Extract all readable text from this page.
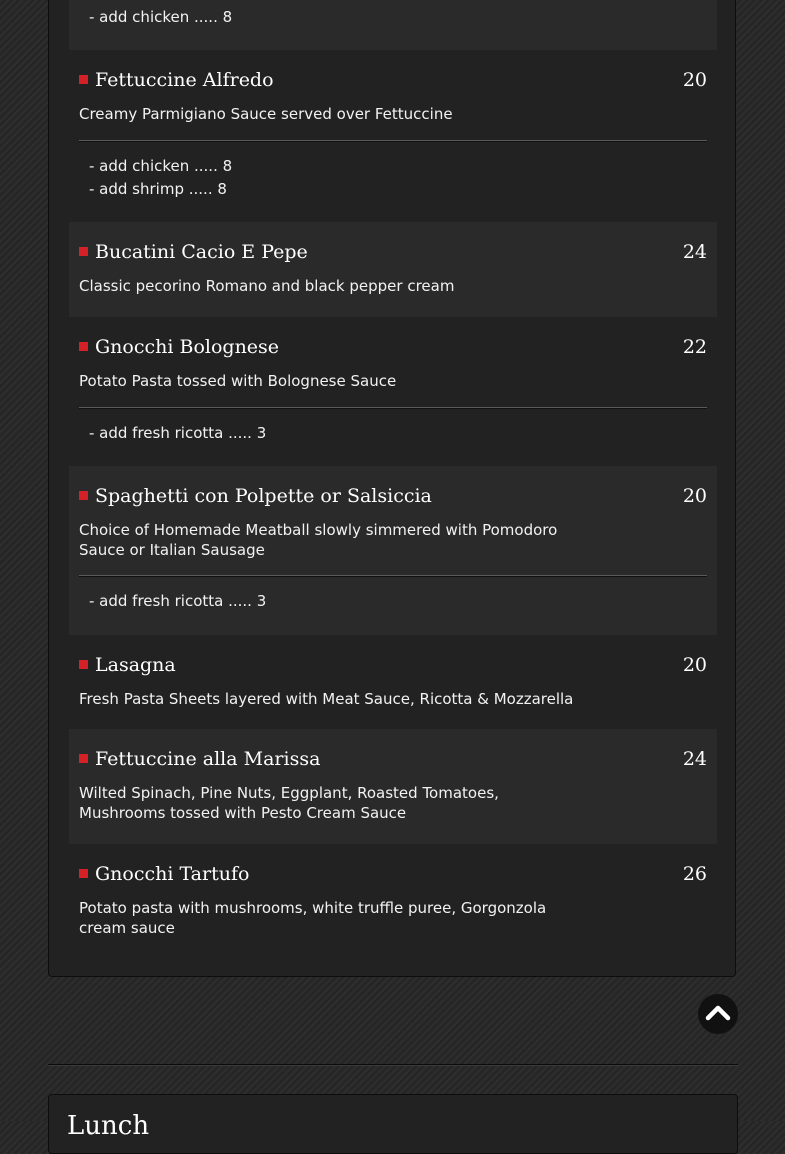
- add chicken ..... 8
Fettuccine Alfredo	20
Creamy Parmigiano Sauce served over Fettuccine
- add chicken ..... 8
- add shrimp ..... 8
Bucatini Cacio E Pepe	24
Classic pecorino Romano and black pepper cream
Gnocchi Bolognese	22
Potato Pasta tossed with Bolognese Sauce
- add fresh ricotta ..... 3
Spaghetti con Polpette or Salsiccia	20
Choice of Homemade Meatball slowly simmered with Pomodoro Sauce or Italian Sausage
- add fresh ricotta ..... 3
Lasagna	20
Fresh Pasta Sheets layered with Meat Sauce, Ricotta & Mozzarella
Fettuccine alla Marissa	24
Wilted Spinach, Pine Nuts, Eggplant, Roasted Tomatoes, Mushrooms tossed with Pesto Cream Sauce
Gnocchi Tartufo	26
Potato pasta with mushrooms, white truffle puree, Gorgonzola cream sauce
Lunch
